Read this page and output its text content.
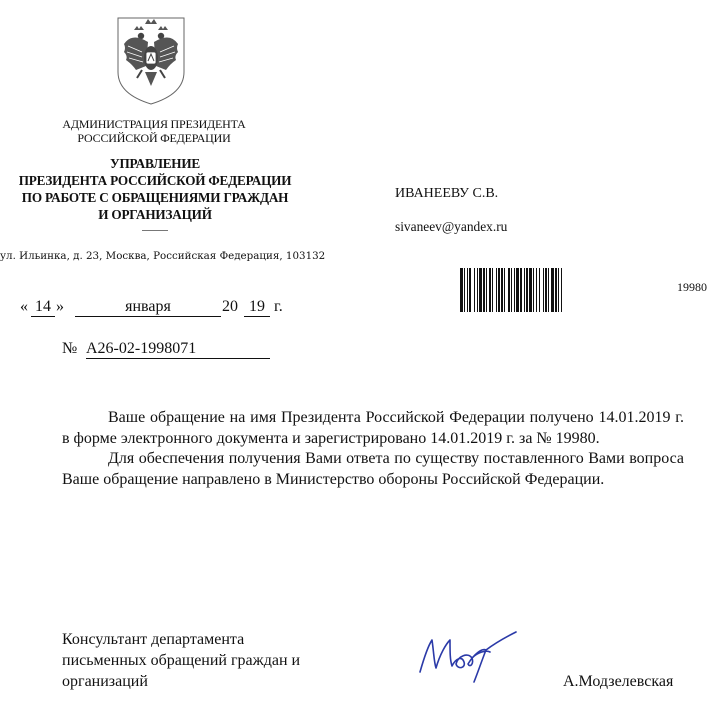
АДМИНИСТРАЦИЯ ПРЕЗИДЕНТА
РОССИЙСКОЙ ФЕДЕРАЦИИ
УПРАВЛЕНИЕ
ПРЕЗИДЕНТА РОССИЙСКОЙ ФЕДЕРАЦИИ
ПО РАБОТЕ С ОБРАЩЕНИЯМИ ГРАЖДАН
И ОРГАНИЗАЦИЙ
ул. Ильинка, д. 23, Москва, Российская Федерация, 103132
ИВАНЕЕВУ С.В.
sivaneev@yandex.ru
19980
« 14 »	января	20 19 г.
№ А26-02-1998071

Ваше обращение на имя Президента Российской Федерации получено 14.01.2019 г. в форме электронного документа и зарегистрировано 14.01.2019 г. за № 19980.

Для обеспечения получения Вами ответа по существу поставленного Вами вопроса Ваше обращение направлено в Министерство обороны Российской Федерации.

Консультант департамента
письменных обращений граждан и
организаций	А.Модзелевская
